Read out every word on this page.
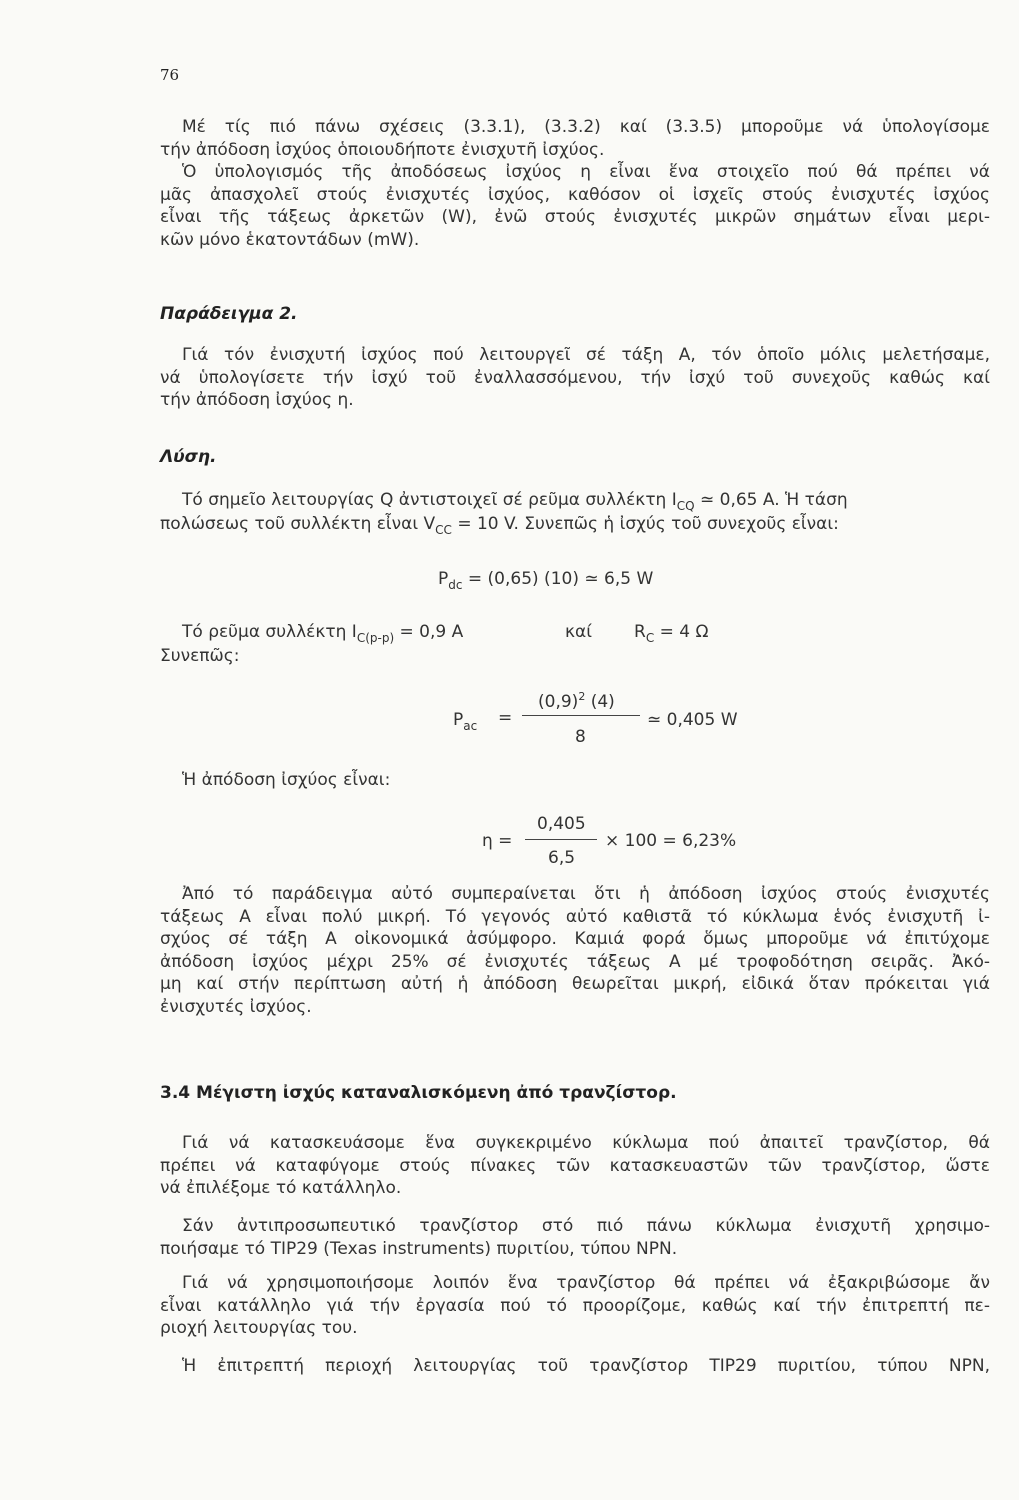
76
Μέ τίς πιό πάνω σχέσεις (3.3.1), (3.3.2) καί (3.3.5) μποροῦμε νά ὑπολογίσομε
τήν ἀπόδοση ἰσχύος ὁποιουδήποτε ἐνισχυτῆ ἰσχύος.
Ὁ ὑπολογισμός τῆς ἀποδόσεως ἰσχύος η εἶναι ἕνα στοιχεῖο πού θά πρέπει νά
μᾶς ἀπασχολεῖ στούς ἐνισχυτές ἰσχύος, καθόσον οἱ ἰσχεῖς στούς ἐνισχυτές ἰσχύος
εἶναι τῆς τάξεως ἀρκετῶν (W), ἐνῶ στούς ἐνισχυτές μικρῶν σημάτων εἶναι μερι-
κῶν μόνο ἑκατοντάδων (mW).
Παράδειγμα 2.
Γιά τόν ἐνισχυτή ἰσχύος πού λειτουργεῖ σέ τάξη Α, τόν ὁποῖο μόλις μελετήσαμε,
νά ὑπολογίσετε τήν ἰσχύ τοῦ ἐναλλασσόμενου, τήν ἰσχύ τοῦ συνεχοῦς καθώς καί
τήν ἀπόδοση ἰσχύος η.
Λύση.
Τό σημεῖο λειτουργίας Q ἀντιστοιχεῖ σέ ρεῦμα συλλέκτη $I_{CQ}$ ≃ 0,65 A. Ἡ τάση
πολώσεως τοῦ συλλέκτη εἶναι $V_{CC} = 10$ V. Συνεπῶς ἡ ἰσχύς τοῦ συνεχοῦς εἶναι:
$P_{dc} = (0,65)$ (10) ≃ 6,5 W
Τό ρεῦμα συλλέκτη $I_{C(p-p)} = 0,9$ A	καί $R_C = 4$ Ω
Συνεπῶς:
$P_{ac}$ =
$(0,9)^2$ (4)
8
≃ 0,405 W
Ἡ ἀπόδοση ἰσχύος εἶναι:
η =
0,405
6,5
× 100 = 6,23%
Ἀπό τό παράδειγμα αὐτό συμπεραίνεται ὅτι ἡ ἀπόδοση ἰσχύος στούς ἐνισχυτές
τάξεως Α εἶναι πολύ μικρή. Τό γεγονός αὐτό καθιστᾶ τό κύκλωμα ἑνός ἐνισχυτῆ ἰ-
σχύος σέ τάξη Α οἰκονομικά ἀσύμφορο. Καμιά φορά ὅμως μποροῦμε νά ἐπιτύχομε
ἀπόδοση ἰσχύος μέχρι 25% σέ ἐνισχυτές τάξεως Α μέ τροφοδότηση σειρᾶς. Ἀκό-
μη καί στήν περίπτωση αὐτή ἡ ἀπόδοση θεωρεῖται μικρή, εἰδικά ὅταν πρόκειται γιά
ἐνισχυτές ἰσχύος.
3.4 Μέγιστη ἰσχύς καταναλισκόμενη ἀπό τρανζίστορ.
Γιά νά κατασκευάσομε ἕνα συγκεκριμένο κύκλωμα πού ἀπαιτεῖ τρανζίστορ, θά
πρέπει νά καταφύγομε στούς πίνακες τῶν κατασκευαστῶν τῶν τρανζίστορ, ὥστε
νά ἐπιλέξομε τό κατάλληλο.
Σάν ἀντιπροσωπευτικό τρανζίστορ στό πιό πάνω κύκλωμα ἐνισχυτῆ χρησιμο-
ποιήσαμε τό TIP29 (Texas instruments) πυριτίου, τύπου NPN.
Γιά νά χρησιμοποιήσομε λοιπόν ἕνα τρανζίστορ θά πρέπει νά ἐξακριβώσομε ἄν
εἶναι κατάλληλο γιά τήν ἐργασία πού τό προορίζομε, καθώς καί τήν ἐπιτρεπτή πε-
ριοχή λειτουργίας του.
Ἡ ἐπιτρεπτή περιοχή λειτουργίας τοῦ τρανζίστορ TIP29 πυριτίου, τύπου NPN,
